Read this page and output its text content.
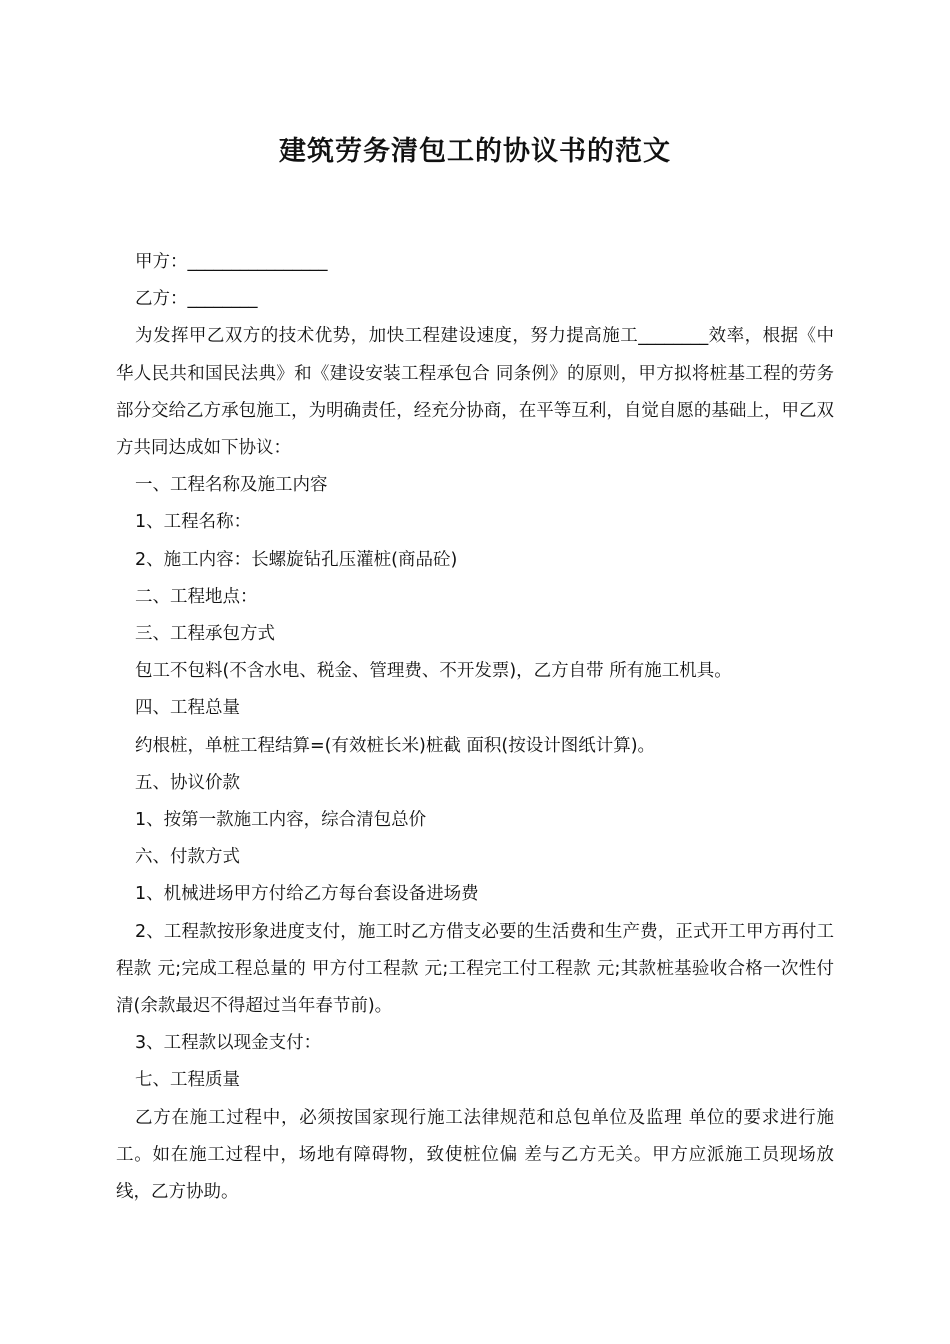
建筑劳务清包工的协议书的范文

甲方：________________

乙方：________

为发挥甲乙双方的技术优势，加快工程建设速度，努力提高施工________效率，根据《中华人民共和国民法典》和《建设安装工程承包合 同条例》的原则，甲方拟将桩基工程的劳务部分交给乙方承包施工，为明确责任，经充分协商，在平等互利，自觉自愿的基础上，甲乙双方共同达成如下协议：

一、工程名称及施工内容

1、工程名称：

2、施工内容：长螺旋钻孔压灌桩(商品砼)

二、工程地点：

三、工程承包方式

包工不包料(不含水电、税金、管理费、不开发票)，乙方自带 所有施工机具。

四、工程总量

约根桩，单桩工程结算=(有效桩长米)桩截 面积(按设计图纸计算)。

五、协议价款

1、按第一款施工内容，综合清包总价

六、付款方式

1、机械进场甲方付给乙方每台套设备进场费

2、工程款按形象进度支付，施工时乙方借支必要的生活费和生产费，正式开工甲方再付工程款 元;完成工程总量的 甲方付工程款 元;工程完工付工程款 元;其款桩基验收合格一次性付清(余款最迟不得超过当年春节前)。

3、工程款以现金支付：

七、工程质量

乙方在施工过程中，必须按国家现行施工法律规范和总包单位及监理 单位的要求进行施工。如在施工过程中，场地有障碍物，致使桩位偏 差与乙方无关。甲方应派施工员现场放线，乙方协助。
